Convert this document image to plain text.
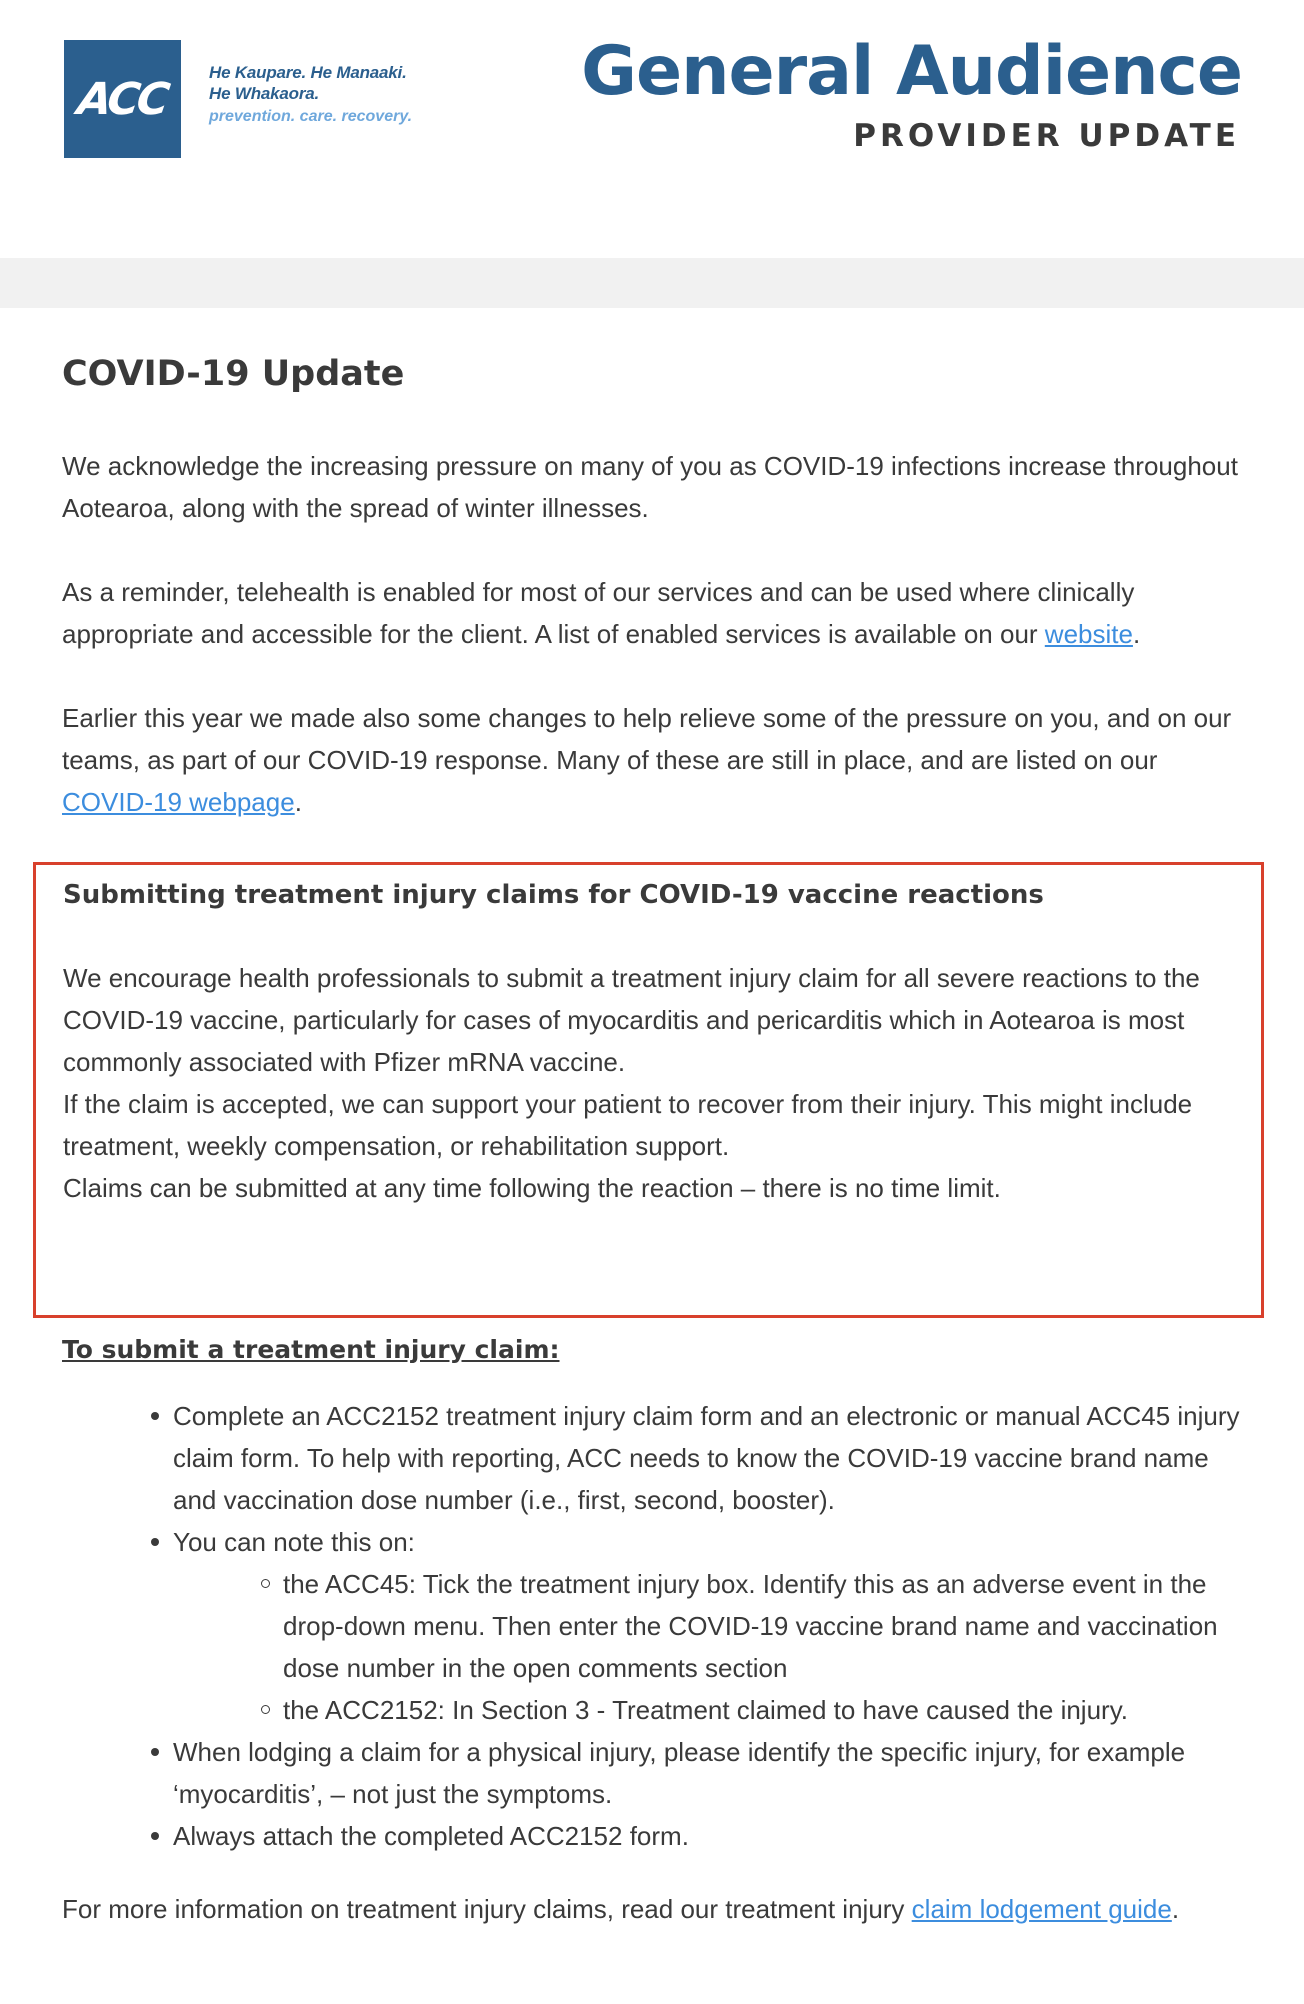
ACC
He Kaupare. He Manaaki.
He Whakaora.
prevention. care. recovery.
General Audience
PROVIDER UPDATE
COVID-19 Update

We acknowledge the increasing pressure on many of you as COVID-19 infections increase throughout Aotearoa, along with the spread of winter illnesses.

As a reminder, telehealth is enabled for most of our services and can be used where clinically appropriate and accessible for the client. A list of enabled services is available on our website.

Earlier this year we made also some changes to help relieve some of the pressure on you, and on our teams, as part of our COVID-19 response. Many of these are still in place, and are listed on our COVID-19 webpage.

Submitting treatment injury claims for COVID-19 vaccine reactions

We encourage health professionals to submit a treatment injury claim for all severe reactions to the COVID-19 vaccine, particularly for cases of myocarditis and pericarditis which in Aotearoa is most commonly associated with Pfizer mRNA vaccine.

If the claim is accepted, we can support your patient to recover from their injury. This might include treatment, weekly compensation, or rehabilitation support.

Claims can be submitted at any time following the reaction – there is no time limit.

To submit a treatment injury claim:
Complete an ACC2152 treatment injury claim form and an electronic or manual ACC45 injury claim form. To help with reporting, ACC needs to know the COVID-19 vaccine brand name and vaccination dose number (i.e., first, second, booster).
You can note this on:
the ACC45: Tick the treatment injury box. Identify this as an adverse event in the drop-down menu. Then enter the COVID-19 vaccine brand name and vaccination dose number in the open comments section
the ACC2152: In Section 3 - Treatment claimed to have caused the injury.
When lodging a claim for a physical injury, please identify the specific injury, for example ‘myocarditis’, – not just the symptoms.
Always attach the completed ACC2152 form.

For more information on treatment injury claims, read our treatment injury claim lodgement guide.
